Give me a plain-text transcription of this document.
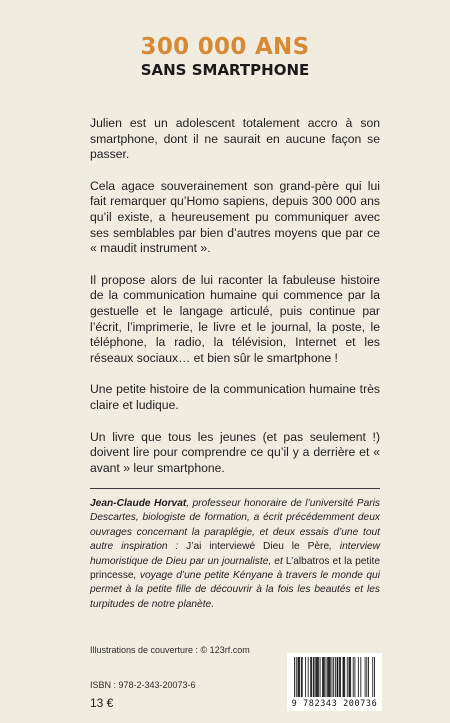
300 000 ANS
SANS SMARTPHONE

Julien est un adolescent totalement accro à son smartphone, dont il ne saurait en aucune façon se passer.

Cela agace souverainement son grand-père qui lui fait remarquer qu’Homo sapiens, depuis 300 000 ans qu’il existe, a heureusement pu communiquer avec ses semblables par bien d’autres moyens que par ce « maudit instrument ».

Il propose alors de lui raconter la fabuleuse histoire de la communication humaine qui commence par la gestuelle et le langage articulé, puis continue par l’écrit, l’imprimerie, le livre et le journal, la poste, le téléphone, la radio, la télévision, Internet et les réseaux sociaux… et bien sûr le smartphone !

Une petite histoire de la communication humaine très claire et ludique.

Un livre que tous les jeunes (et pas seulement !) doivent lire pour comprendre ce qu’il y a derrière et « avant » leur smartphone.

Jean-Claude Horvat, professeur honoraire de l’université Paris Descartes, biologiste de formation, a écrit précédemment deux ouvrages concernant la paraplégie, et deux essais d’une tout autre inspiration : J’ai interviewé Dieu le Père, interview humoristique de Dieu par un journaliste, et L’albatros et la petite princesse, voyage d’une petite Kényane à travers le monde qui permet à la petite fille de découvrir à la fois les beautés et les turpitudes de notre planète.
Illustrations de couverture : © 123rf.com
ISBN : 978-2-343-20073-6
13 €	9 782343 200736
